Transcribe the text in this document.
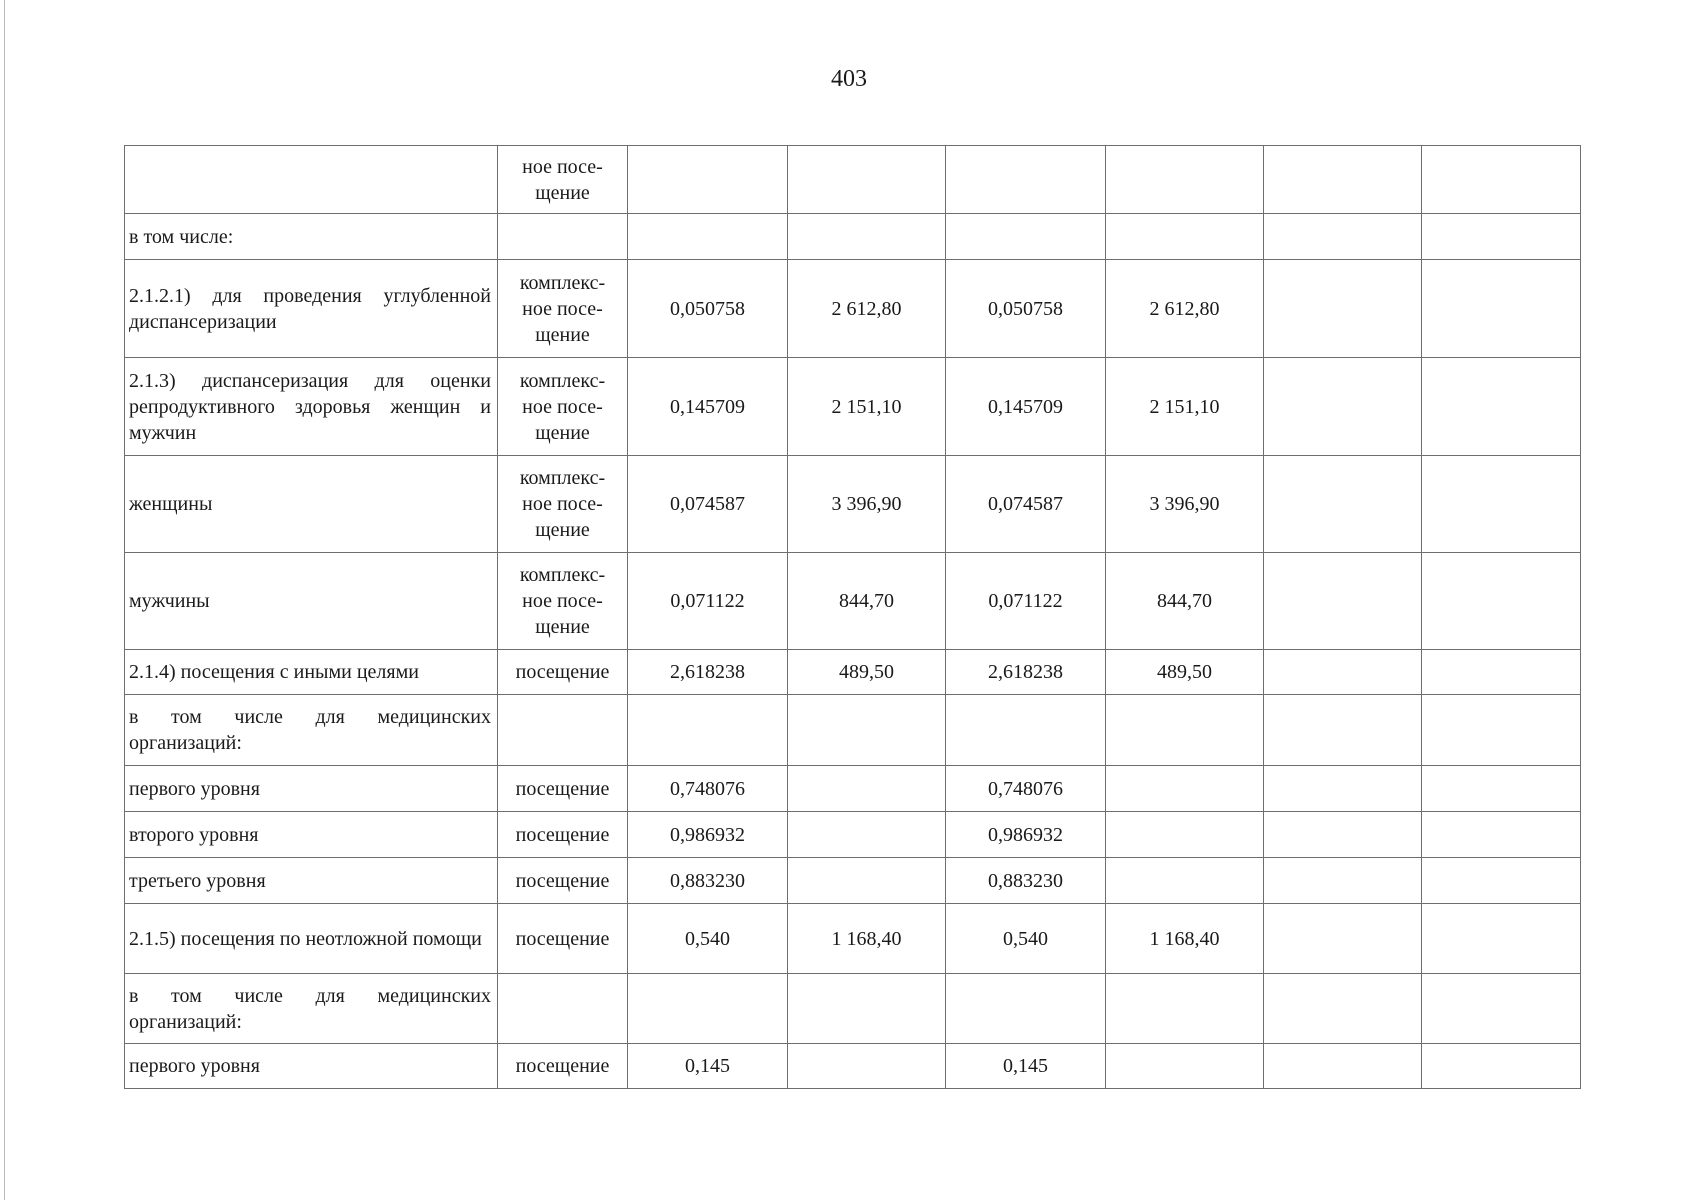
403
	ное посе-
щение						
в том числе:							
2.1.2.1) для проведения углубленной диспансеризации	комплекс-
ное посе-
щение	0,050758	2 612,80	0,050758	2 612,80		
2.1.3) диспансеризация для оценки репродуктивного здоровья женщин и мужчин	комплекс-
ное посе-
щение	0,145709	2 151,10	0,145709	2 151,10		
женщины	комплекс-
ное посе-
щение	0,074587	3 396,90	0,074587	3 396,90		
мужчины	комплекс-
ное посе-
щение	0,071122	844,70	0,071122	844,70		
2.1.4) посещения с иными целями	посещение	2,618238	489,50	2,618238	489,50		
в том числе для медицинских организаций:							
первого уровня	посещение	0,748076		0,748076			
второго уровня	посещение	0,986932		0,986932			
третьего уровня	посещение	0,883230		0,883230			
2.1.5) посещения по неотложной помощи	посещение	0,540	1 168,40	0,540	1 168,40		
в том числе для медицинских организаций:							
первого уровня	посещение	0,145		0,145			
